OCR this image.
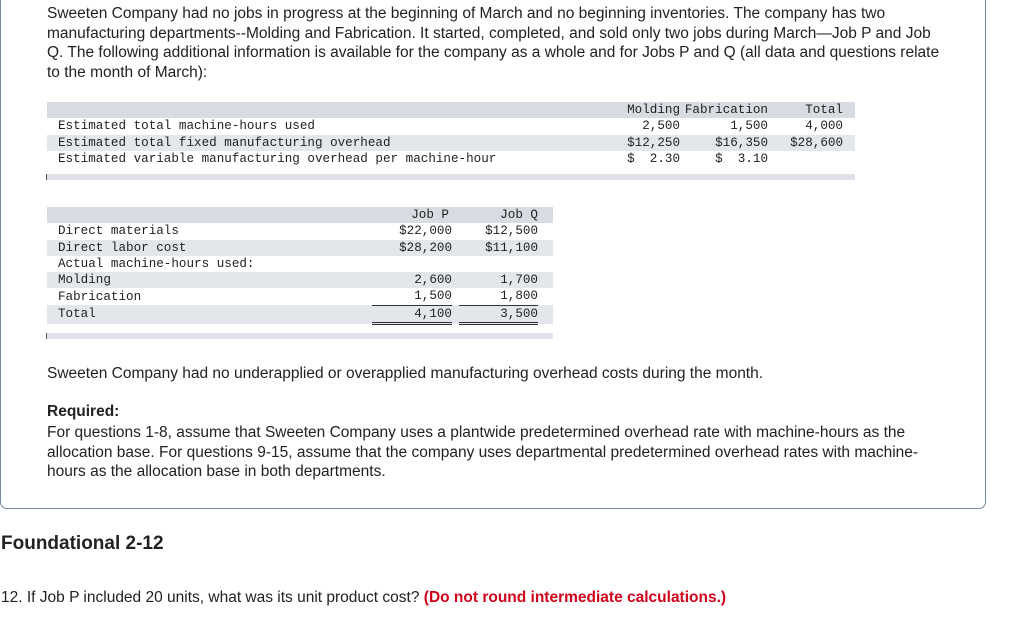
Sweeten Company had no jobs in progress at the beginning of March and no beginning inventories. The company has two manufacturing departments--Molding and Fabrication. It started, completed, and sold only two jobs during March—Job P and Job Q. The following additional information is available for the company as a whole and for Jobs P and Q (all data and questions relate to the month of March):

	Molding	Fabrication	Total
Estimated total machine-hours used	2,500	1,500	4,000
Estimated total fixed manufacturing overhead	$12,250	$16,350	$28,600
Estimated variable manufacturing overhead per machine-hour	$  2.30	$  3.10	
	Job P		Job Q	
Direct materials	$22,000		$12,500	
Direct labor cost	$28,200		$11,100	
Actual machine-hours used:				
Molding	2,600		1,700	
Fabrication	1,500		1,800	
Total	4,100		3,500	

Sweeten Company had no underapplied or overapplied manufacturing overhead costs during the month.

Required:

For questions 1-8, assume that Sweeten Company uses a plantwide predetermined overhead rate with machine-hours as the allocation base. For questions 9-15, assume that the company uses departmental predetermined overhead rates with machine-hours as the allocation base in both departments.

Foundational 2-12

12. If Job P included 20 units, what was its unit product cost? (Do not round intermediate calculations.)
